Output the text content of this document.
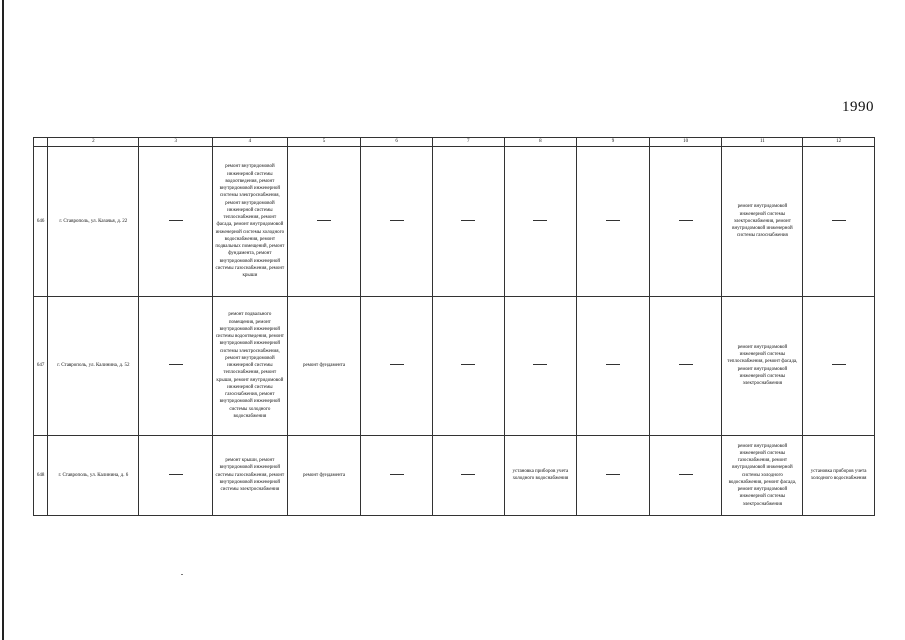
1990
	2	3	4	5	6	7	8	9	10	11	12
646	г. Ставрополь, ул. Казачья, д. 22		ремонт внутридомовой инженерной системы водоотведения, ремонт внутридомовой инженерной системы электроснабжения, ремонт внутридомовой инженерной системы теплоснабжения, ремонт фасада, ремонт внутридомовой инженерной системы холодного водоснабжения, ремонт подвальных помещений, ремонт фундамента, ремонт внутридомовой инженерной системы газоснабжения, ремонт крыши							ремонт внутридомовой инженерной системы электроснабжения, ремонт внутридомовой инженерной системы газоснабжения	
647	г. Ставрополь, ул. Калинина, д. 52		ремонт подвального помещения, ремонт внутридомовой инженерной системы водоотведения, ремонт внутридомовой инженерной системы электроснабжения, ремонт внутридомовой инженерной системы теплоснабжения, ремонт крыши, ремонт внутридомовой инженерной системы газоснабжения, ремонт внутридомовой инженерной системы холодного водоснабжения	ремонт фундамента						ремонт внутридомовой инженерной системы теплоснабжения, ремонт фасада, ремонт внутридомовой инженерной системы электроснабжения	
648	г. Ставрополь, ул. Калинина, д. 6		ремонт крыши, ремонт внутридомовой инженерной системы газоснабжения, ремонт внутридомовой инженерной системы электроснабжения	ремонт фундамента			установка приборов учета холодного водоснабжения			ремонт внутридомовой инженерной системы газоснабжения, ремонт внутридомовой инженерной системы холодного водоснабжения, ремонт фасада, ремонт внутридомовой инженерной системы электроснабжения	установка приборов учета холодного водоснабжения
